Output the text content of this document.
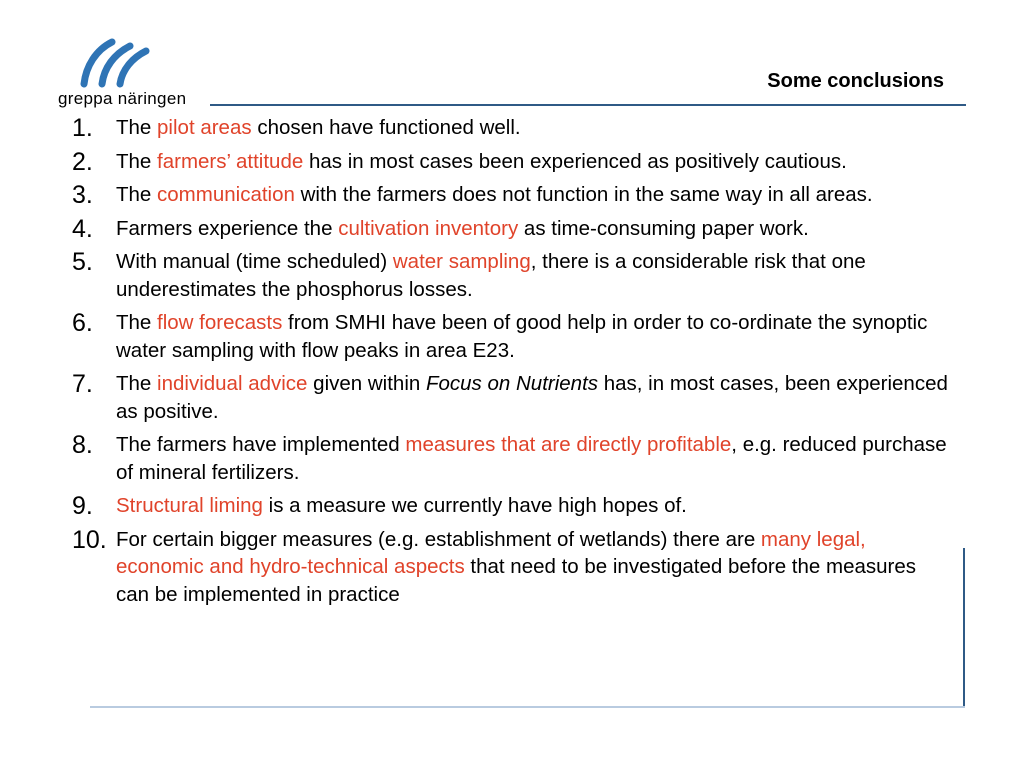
greppa näringen
Some conclusions
1.	The pilot areas chosen have functioned well.
2.	The farmers’ attitude has in most cases been experienced as positively cautious.
3.	The communication with the farmers does not function in the same way in all areas.
4.	Farmers experience the cultivation inventory as time-consuming paper work.
5.	With manual (time scheduled) water sampling, there is a considerable risk that one underestimates the phosphorus losses.
6.	The flow forecasts from SMHI have been of good help in order to co-ordinate the synoptic water sampling with flow peaks in area E23.
7.	The individual advice given within Focus on Nutrients has, in most cases, been experienced as positive.
8.	The farmers have implemented measures that are directly profitable, e.g. reduced purchase of mineral fertilizers.
9.	Structural liming is a measure we currently have high hopes of.
10. For certain bigger measures (e.g. establishment of wetlands) there are many legal, economic and hydro-technical aspects that need to be investigated before the measures can be implemented in practice
